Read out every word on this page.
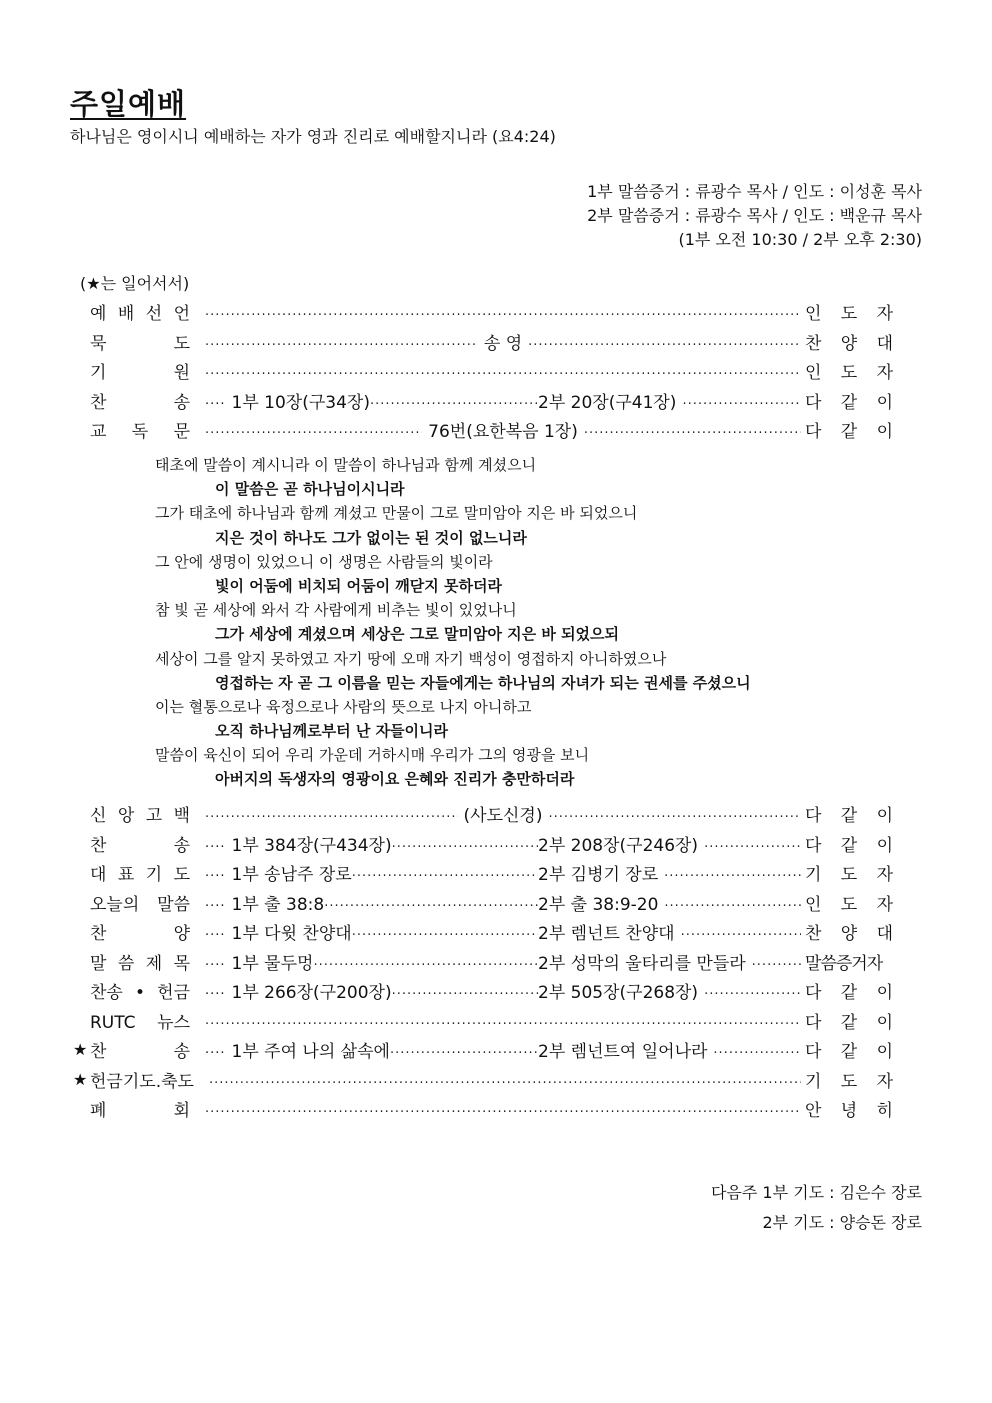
주일예배
하나님은 영이시니 예배하는 자가 영과 진리로 예배할지니라 (요4:24)
1부 말씀증거 : 류광수 목사 / 인도 : 이성훈 목사
2부 말씀증거 : 류광수 목사 / 인도 : 백운규 목사
(1부 오전 10:30 / 2부 오후 2:30)
(★는 일어서서)
예 배 선 언 .....	인 도 자
묵 도 .....	송 영 .....	찬 양 대
기 원 .....	인 도 자
찬 송 .... 1부 10장(구34장) .....	2부 20장(구41장) .....	다 같 이
교 독 문 .....	76번(요한복음 1장) .....	다 같 이
태초에 말씀이 계시니라 이 말씀이 하나님과 함께 계셨으니
이 말씀은 곧 하나님이시니라
그가 태초에 하나님과 함께 계셨고 만물이 그로 말미암아 지은 바 되었으니
지은 것이 하나도 그가 없이는 된 것이 없느니라
그 안에 생명이 있었으니 이 생명은 사람들의 빛이라
빛이 어둠에 비치되 어둠이 깨닫지 못하더라
참 빛 곧 세상에 와서 각 사람에게 비추는 빛이 있었나니
그가 세상에 계셨으며 세상은 그로 말미암아 지은 바 되었으되
세상이 그를 알지 못하였고 자기 땅에 오매 자기 백성이 영접하지 아니하였으나
영접하는 자 곧 그 이름을 믿는 자들에게는 하나님의 자녀가 되는 권세를 주셨으니
이는 혈통으로나 육정으로나 사람의 뜻으로 나지 아니하고
오직 하나님께로부터 난 자들이니라
말씀이 육신이 되어 우리 가운데 거하시매 우리가 그의 영광을 보니
아버지의 독생자의 영광이요 은혜와 진리가 충만하더라
신 앙 고 백 .....	(사도신경) .....	다 같 이
찬 송 .... 1부 384장(구434장) .....	2부 208장(구246장) .....	다 같 이
대 표 기 도 .... 1부 송남주 장로 .....	2부 김병기 장로 .....	기 도 자
오늘의 말씀 .... 1부 출 38:8 .....	2부 출 38:9-20 .....	인 도 자
찬 양 .... 1부 다윗 찬양대 .....	2부 렘넌트 찬양대 .....	찬 양 대
말 씀 제 목 .... 1부 물두멍 .....	2부 성막의 울타리를 만들라 .....	말씀증거자
찬송 • 헌금 .... 1부 266장(구200장) .....	2부 505장(구268장) .....	다 같 이
RUTC 뉴스 .....	다 같 이
★ 찬 송 .... 1부 주여 나의 삶속에 .....	2부 렘넌트여 일어나라 .....	다 같 이
★ 헌금기도.축도 .....	기 도 자
폐 회 .....	안 녕 히
다음주 1부 기도 : 김은수 장로
2부 기도 : 양승돈 장로
